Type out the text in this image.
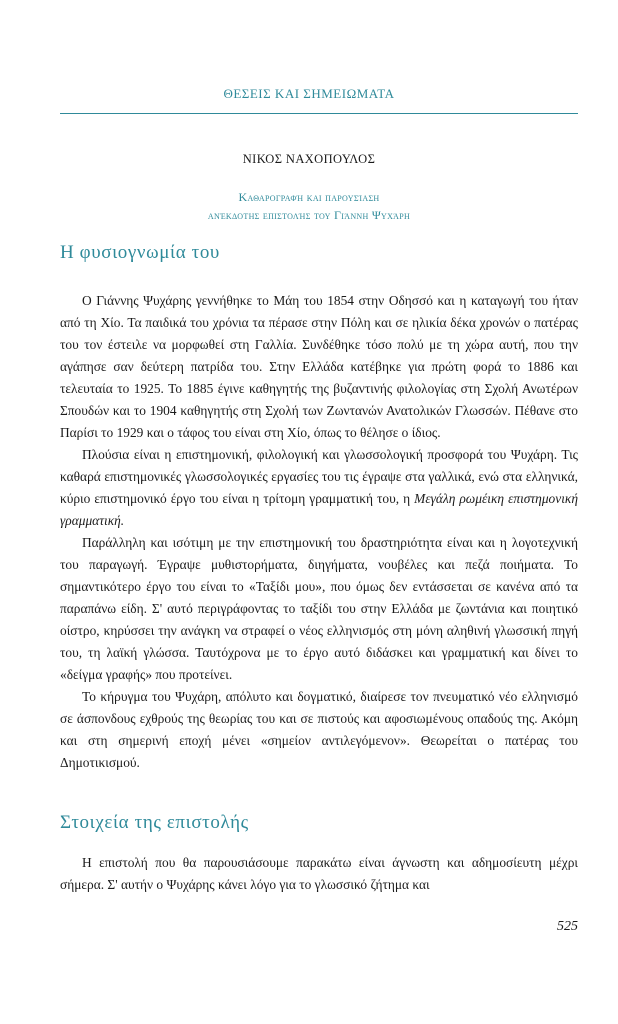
ΘΕΣΕΙΣ ΚΑΙ ΣΗΜΕΙΩΜΑΤΑ
ΝΙΚΟΣ ΝΑΧΟΠΟΥΛΟΣ
Καθαρογραφή και παρουσίαση
ανέκδοτης επιστολής του Γιάννη Ψυχάρη
Η φυσιογνωμία του

Ο Γιάννης Ψυχάρης γεννήθηκε το Μάη του 1854 στην Οδησσό και η καταγωγή του ήταν από τη Χίο. Τα παιδικά του χρόνια τα πέρασε στην Πόλη και σε ηλικία δέκα χρονών ο πατέρας του τον έστειλε να μορφωθεί στη Γαλλία. Συνδέθηκε τόσο πολύ με τη χώρα αυτή, που την αγάπησε σαν δεύτερη πατρίδα του. Στην Ελλάδα κατέβηκε για πρώτη φορά το 1886 και τελευταία το 1925. Το 1885 έγινε καθηγητής της βυζαντινής φιλολογίας στη Σχολή Ανωτέρων Σπουδών και το 1904 καθηγητής στη Σχολή των Ζωντανών Ανατολικών Γλωσσών. Πέθανε στο Παρίσι το 1929 και ο τάφος του είναι στη Χίο, όπως το θέλησε ο ίδιος.

Πλούσια είναι η επιστημονική, φιλολογική και γλωσσολογική προσφορά του Ψυχάρη. Τις καθαρά επιστημονικές γλωσσολογικές εργασίες του τις έγραψε στα γαλλικά, ενώ στα ελληνικά, κύριο επιστημονικό έργο του είναι η τρίτομη γραμματική του, η Μεγάλη ρωμέικη επιστημονική γραμματική.

Παράλληλη και ισότιμη με την επιστημονική του δραστηριότητα είναι και η λογοτεχνική του παραγωγή. Έγραψε μυθιστορήματα, διηγήματα, νουβέλες και πεζά ποιήματα. Το σημαντικότερο έργο του είναι το «Ταξίδι μου», που όμως δεν εντάσσεται σε κανένα από τα παραπάνω είδη. Σ' αυτό περιγράφοντας το ταξίδι του στην Ελλάδα με ζωντάνια και ποιητικό οίστρο, κηρύσσει την ανάγκη να στραφεί ο νέος ελληνισμός στη μόνη αληθινή γλωσσική πηγή του, τη λαϊκή γλώσσα. Ταυτόχρονα με το έργο αυτό διδάσκει και γραμματική και δίνει το «δείγμα γραφής» που προτείνει.

Το κήρυγμα του Ψυχάρη, απόλυτο και δογματικό, διαίρεσε τον πνευματικό νέο ελληνισμό σε άσπονδους εχθρούς της θεωρίας του και σε πιστούς και αφοσιωμένους οπαδούς της. Ακόμη και στη σημερινή εποχή μένει «σημείον αντιλεγόμενον». Θεωρείται ο πατέρας του Δημοτικισμού.

Στοιχεία της επιστολής

Η επιστολή που θα παρουσιάσουμε παρακάτω είναι άγνωστη και αδημοσίευτη μέχρι σήμερα. Σ' αυτήν ο Ψυχάρης κάνει λόγο για το γλωσσικό ζήτημα και

525
